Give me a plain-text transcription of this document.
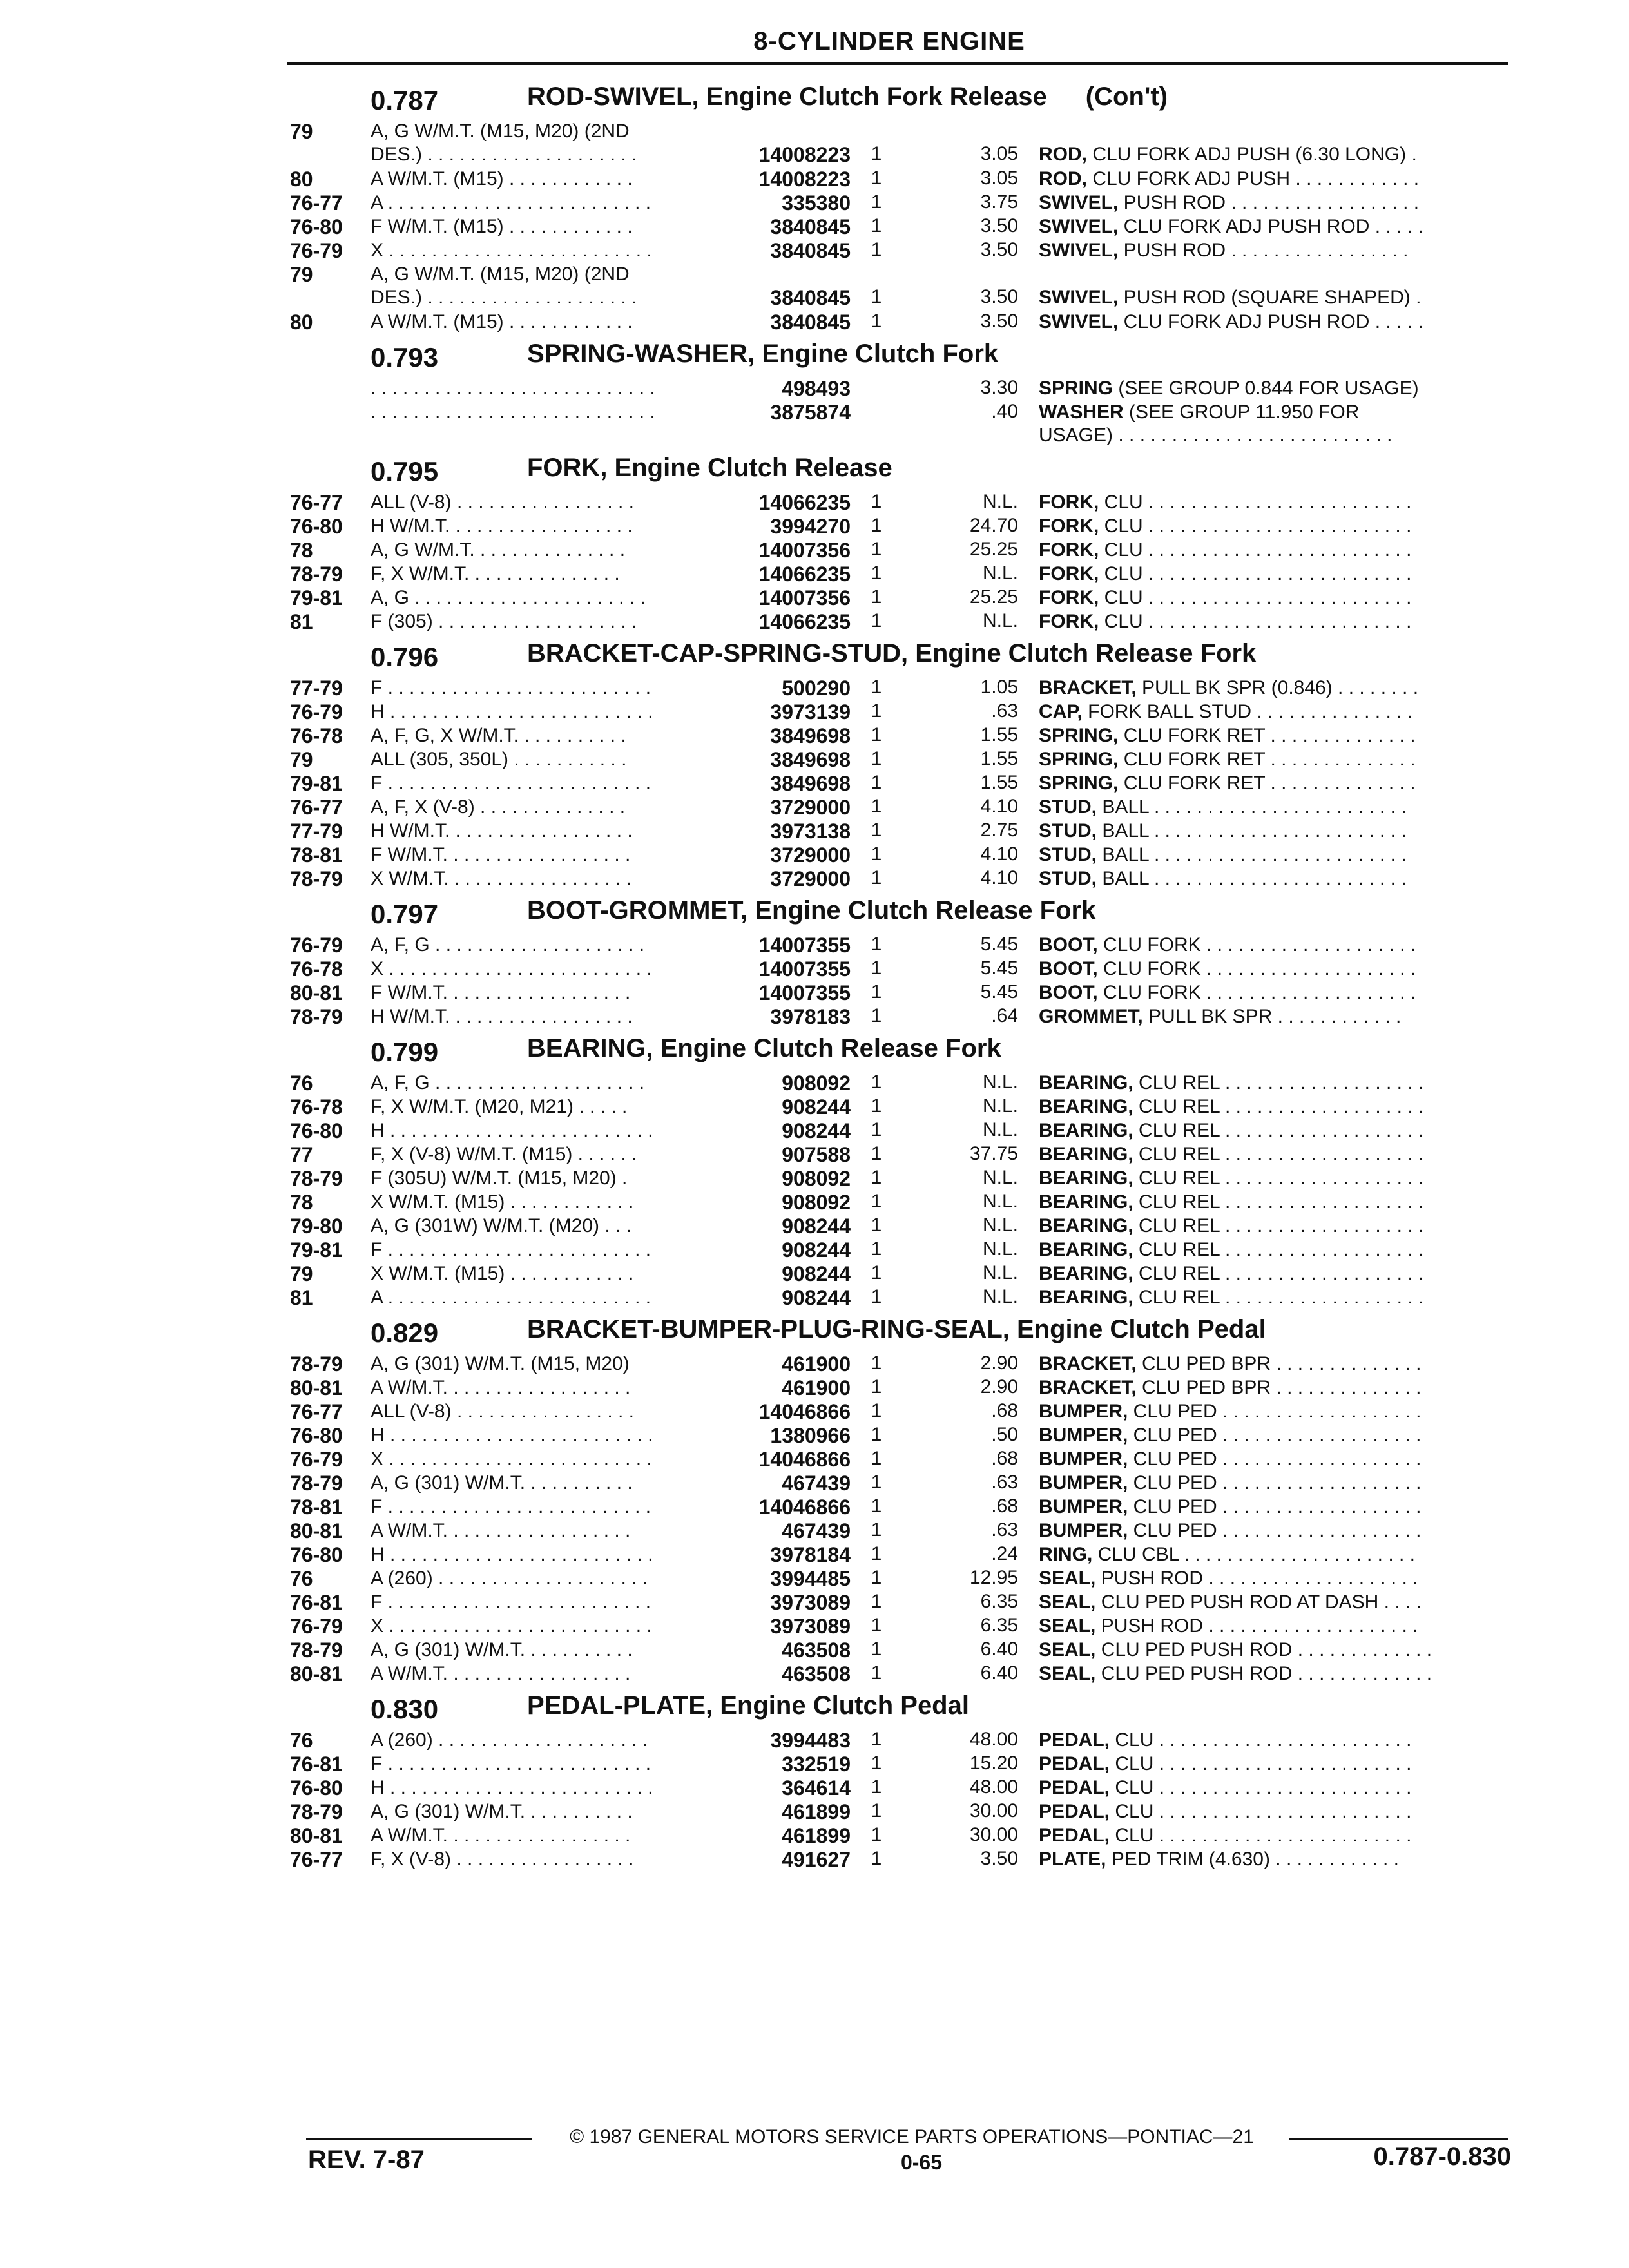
8-CYLINDER ENGINE
0.787	ROD-SWIVEL, Engine Clutch Fork Release (Con't)
79	A, G W/M.T. (M15, M20) (2ND
DES.) . . . . . . . . . . . . . . . . . . . .	14008223 1	3.05 ROD, CLU FORK ADJ PUSH (6.30 LONG) .
80	A W/M.T. (M15) . . . . . . . . . . . .	14008223 1	3.05 ROD, CLU FORK ADJ PUSH . . . . . . . . . . . .
76-77 A . . . . . . . . . . . . . . . . . . . . . . . . .	335380 1	3.75 SWIVEL, PUSH ROD . . . . . . . . . . . . . . . . . .
76-80 F W/M.T. (M15) . . . . . . . . . . . .	3840845 1	3.50 SWIVEL, CLU FORK ADJ PUSH ROD . . . . .
76-79 X . . . . . . . . . . . . . . . . . . . . . . . . .	3840845 1	3.50 SWIVEL, PUSH ROD . . . . . . . . . . . . . . . . .
79	A, G W/M.T. (M15, M20) (2ND
DES.) . . . . . . . . . . . . . . . . . . . .	3840845 1	3.50 SWIVEL, PUSH ROD (SQUARE SHAPED) .
80	A W/M.T. (M15) . . . . . . . . . . . .	3840845 1	3.50 SWIVEL, CLU FORK ADJ PUSH ROD . . . . .
0.793	SPRING-WASHER, Engine Clutch Fork
. . . . . . . . . . . . . . . . . . . . . . . . . . .	498493	3.30 SPRING (SEE GROUP 0.844 FOR USAGE)
. . . . . . . . . . . . . . . . . . . . . . . . . . .	3875874	.40 WASHER (SEE GROUP 11.950 FOR
USAGE) . . . . . . . . . . . . . . . . . . . . . . . . . .
0.795	FORK, Engine Clutch Release
76-77 ALL (V-8) . . . . . . . . . . . . . . . . .	14066235 1	N.L. FORK, CLU . . . . . . . . . . . . . . . . . . . . . . . . .
76-80 H W/M.T. . . . . . . . . . . . . . . . . .	3994270 1	24.70 FORK, CLU . . . . . . . . . . . . . . . . . . . . . . . . .
78	A, G W/M.T. . . . . . . . . . . . . . .	14007356 1	25.25 FORK, CLU . . . . . . . . . . . . . . . . . . . . . . . . .
78-79 F, X W/M.T. . . . . . . . . . . . . . .	14066235 1	N.L. FORK, CLU . . . . . . . . . . . . . . . . . . . . . . . . .
79-81 A, G . . . . . . . . . . . . . . . . . . . . . .	14007356 1	25.25 FORK, CLU . . . . . . . . . . . . . . . . . . . . . . . . .
81	F (305) . . . . . . . . . . . . . . . . . . .	14066235 1	N.L. FORK, CLU . . . . . . . . . . . . . . . . . . . . . . . . .
0.796	BRACKET-CAP-SPRING-STUD, Engine Clutch Release Fork
77-79 F . . . . . . . . . . . . . . . . . . . . . . . . .	500290 1	1.05 BRACKET, PULL BK SPR (0.846) . . . . . . . .
76-79 H . . . . . . . . . . . . . . . . . . . . . . . . .	3973139 1	.63 CAP, FORK BALL STUD . . . . . . . . . . . . . . .
76-78 A, F, G, X W/M.T. . . . . . . . . . .	3849698 1	1.55 SPRING, CLU FORK RET . . . . . . . . . . . . . .
79	ALL (305, 350L) . . . . . . . . . . .	3849698 1	1.55 SPRING, CLU FORK RET . . . . . . . . . . . . . .
79-81 F . . . . . . . . . . . . . . . . . . . . . . . . .	3849698 1	1.55 SPRING, CLU FORK RET . . . . . . . . . . . . . .
76-77 A, F, X (V-8) . . . . . . . . . . . . . .	3729000 1	4.10 STUD, BALL . . . . . . . . . . . . . . . . . . . . . . . .
77-79 H W/M.T. . . . . . . . . . . . . . . . . .	3973138 1	2.75 STUD, BALL . . . . . . . . . . . . . . . . . . . . . . . .
78-81 F W/M.T. . . . . . . . . . . . . . . . . .	3729000 1	4.10 STUD, BALL . . . . . . . . . . . . . . . . . . . . . . . .
78-79 X W/M.T. . . . . . . . . . . . . . . . . .	3729000 1	4.10 STUD, BALL . . . . . . . . . . . . . . . . . . . . . . . .
0.797	BOOT-GROMMET, Engine Clutch Release Fork
76-79 A, F, G . . . . . . . . . . . . . . . . . . . .	14007355 1	5.45 BOOT, CLU FORK . . . . . . . . . . . . . . . . . . . .
76-78 X . . . . . . . . . . . . . . . . . . . . . . . . .	14007355 1	5.45 BOOT, CLU FORK . . . . . . . . . . . . . . . . . . . .
80-81 F W/M.T. . . . . . . . . . . . . . . . . .	14007355 1	5.45 BOOT, CLU FORK . . . . . . . . . . . . . . . . . . . .
78-79 H W/M.T. . . . . . . . . . . . . . . . . .	3978183 1	.64 GROMMET, PULL BK SPR . . . . . . . . . . . .
0.799	BEARING, Engine Clutch Release Fork
76	A, F, G . . . . . . . . . . . . . . . . . . . .	908092 1	N.L. BEARING, CLU REL . . . . . . . . . . . . . . . . . . .
76-78 F, X W/M.T. (M20, M21) . . . . .	908244 1	N.L. BEARING, CLU REL . . . . . . . . . . . . . . . . . . .
76-80 H . . . . . . . . . . . . . . . . . . . . . . . . .	908244 1	N.L. BEARING, CLU REL . . . . . . . . . . . . . . . . . . .
77	F, X (V-8) W/M.T. (M15) . . . . . .	907588 1	37.75 BEARING, CLU REL . . . . . . . . . . . . . . . . . . .
78-79 F (305U) W/M.T. (M15, M20) .	908092 1	N.L. BEARING, CLU REL . . . . . . . . . . . . . . . . . . .
78	X W/M.T. (M15) . . . . . . . . . . . .	908092 1	N.L. BEARING, CLU REL . . . . . . . . . . . . . . . . . . .
79-80 A, G (301W) W/M.T. (M20) . . .	908244 1	N.L. BEARING, CLU REL . . . . . . . . . . . . . . . . . . .
79-81 F . . . . . . . . . . . . . . . . . . . . . . . . .	908244 1	N.L. BEARING, CLU REL . . . . . . . . . . . . . . . . . . .
79	X W/M.T. (M15) . . . . . . . . . . . .	908244 1	N.L. BEARING, CLU REL . . . . . . . . . . . . . . . . . . .
81	A . . . . . . . . . . . . . . . . . . . . . . . . .	908244 1	N.L. BEARING, CLU REL . . . . . . . . . . . . . . . . . . .
0.829	BRACKET-BUMPER-PLUG-RING-SEAL, Engine Clutch Pedal
78-79 A, G (301) W/M.T. (M15, M20)	461900 1	2.90 BRACKET, CLU PED BPR . . . . . . . . . . . . . .
80-81 A W/M.T. . . . . . . . . . . . . . . . . .	461900 1	2.90 BRACKET, CLU PED BPR . . . . . . . . . . . . . .
76-77 ALL (V-8) . . . . . . . . . . . . . . . . .	14046866 1	.68 BUMPER, CLU PED . . . . . . . . . . . . . . . . . . .
76-80 H . . . . . . . . . . . . . . . . . . . . . . . . .	1380966 1	.50 BUMPER, CLU PED . . . . . . . . . . . . . . . . . . .
76-79 X . . . . . . . . . . . . . . . . . . . . . . . . .	14046866 1	.68 BUMPER, CLU PED . . . . . . . . . . . . . . . . . . .
78-79 A, G (301) W/M.T. . . . . . . . . . .	467439 1	.63 BUMPER, CLU PED . . . . . . . . . . . . . . . . . . .
78-81 F . . . . . . . . . . . . . . . . . . . . . . . . .	14046866 1	.68 BUMPER, CLU PED . . . . . . . . . . . . . . . . . . .
80-81 A W/M.T. . . . . . . . . . . . . . . . . .	467439 1	.63 BUMPER, CLU PED . . . . . . . . . . . . . . . . . . .
76-80 H . . . . . . . . . . . . . . . . . . . . . . . . .	3978184 1	.24 RING, CLU CBL . . . . . . . . . . . . . . . . . . . . . .
76	A (260) . . . . . . . . . . . . . . . . . . . .	3994485 1	12.95 SEAL, PUSH ROD . . . . . . . . . . . . . . . . . . . .
76-81 F . . . . . . . . . . . . . . . . . . . . . . . . .	3973089 1	6.35 SEAL, CLU PED PUSH ROD AT DASH . . . .
76-79 X . . . . . . . . . . . . . . . . . . . . . . . . .	3973089 1	6.35 SEAL, PUSH ROD . . . . . . . . . . . . . . . . . . . .
78-79 A, G (301) W/M.T. . . . . . . . . . .	463508 1	6.40 SEAL, CLU PED PUSH ROD . . . . . . . . . . . . .
80-81 A W/M.T. . . . . . . . . . . . . . . . . .	463508 1	6.40 SEAL, CLU PED PUSH ROD . . . . . . . . . . . . .
0.830	PEDAL-PLATE, Engine Clutch Pedal
76	A (260) . . . . . . . . . . . . . . . . . . . .	3994483 1	48.00 PEDAL, CLU . . . . . . . . . . . . . . . . . . . . . . . .
76-81 F . . . . . . . . . . . . . . . . . . . . . . . . .	332519 1	15.20 PEDAL, CLU . . . . . . . . . . . . . . . . . . . . . . . .
76-80 H . . . . . . . . . . . . . . . . . . . . . . . . .	364614 1	48.00 PEDAL, CLU . . . . . . . . . . . . . . . . . . . . . . . .
78-79 A, G (301) W/M.T. . . . . . . . . . .	461899 1	30.00 PEDAL, CLU . . . . . . . . . . . . . . . . . . . . . . . .
80-81 A W/M.T. . . . . . . . . . . . . . . . . .	461899 1	30.00 PEDAL, CLU . . . . . . . . . . . . . . . . . . . . . . . .
76-77 F, X (V-8) . . . . . . . . . . . . . . . . .	491627 1	3.50 PLATE, PED TRIM (4.630) . . . . . . . . . . . .
© 1987 GENERAL MOTORS SERVICE PARTS OPERATIONS—PONTIAC—21
REV. 7-87	0-65	0.787-0.830
